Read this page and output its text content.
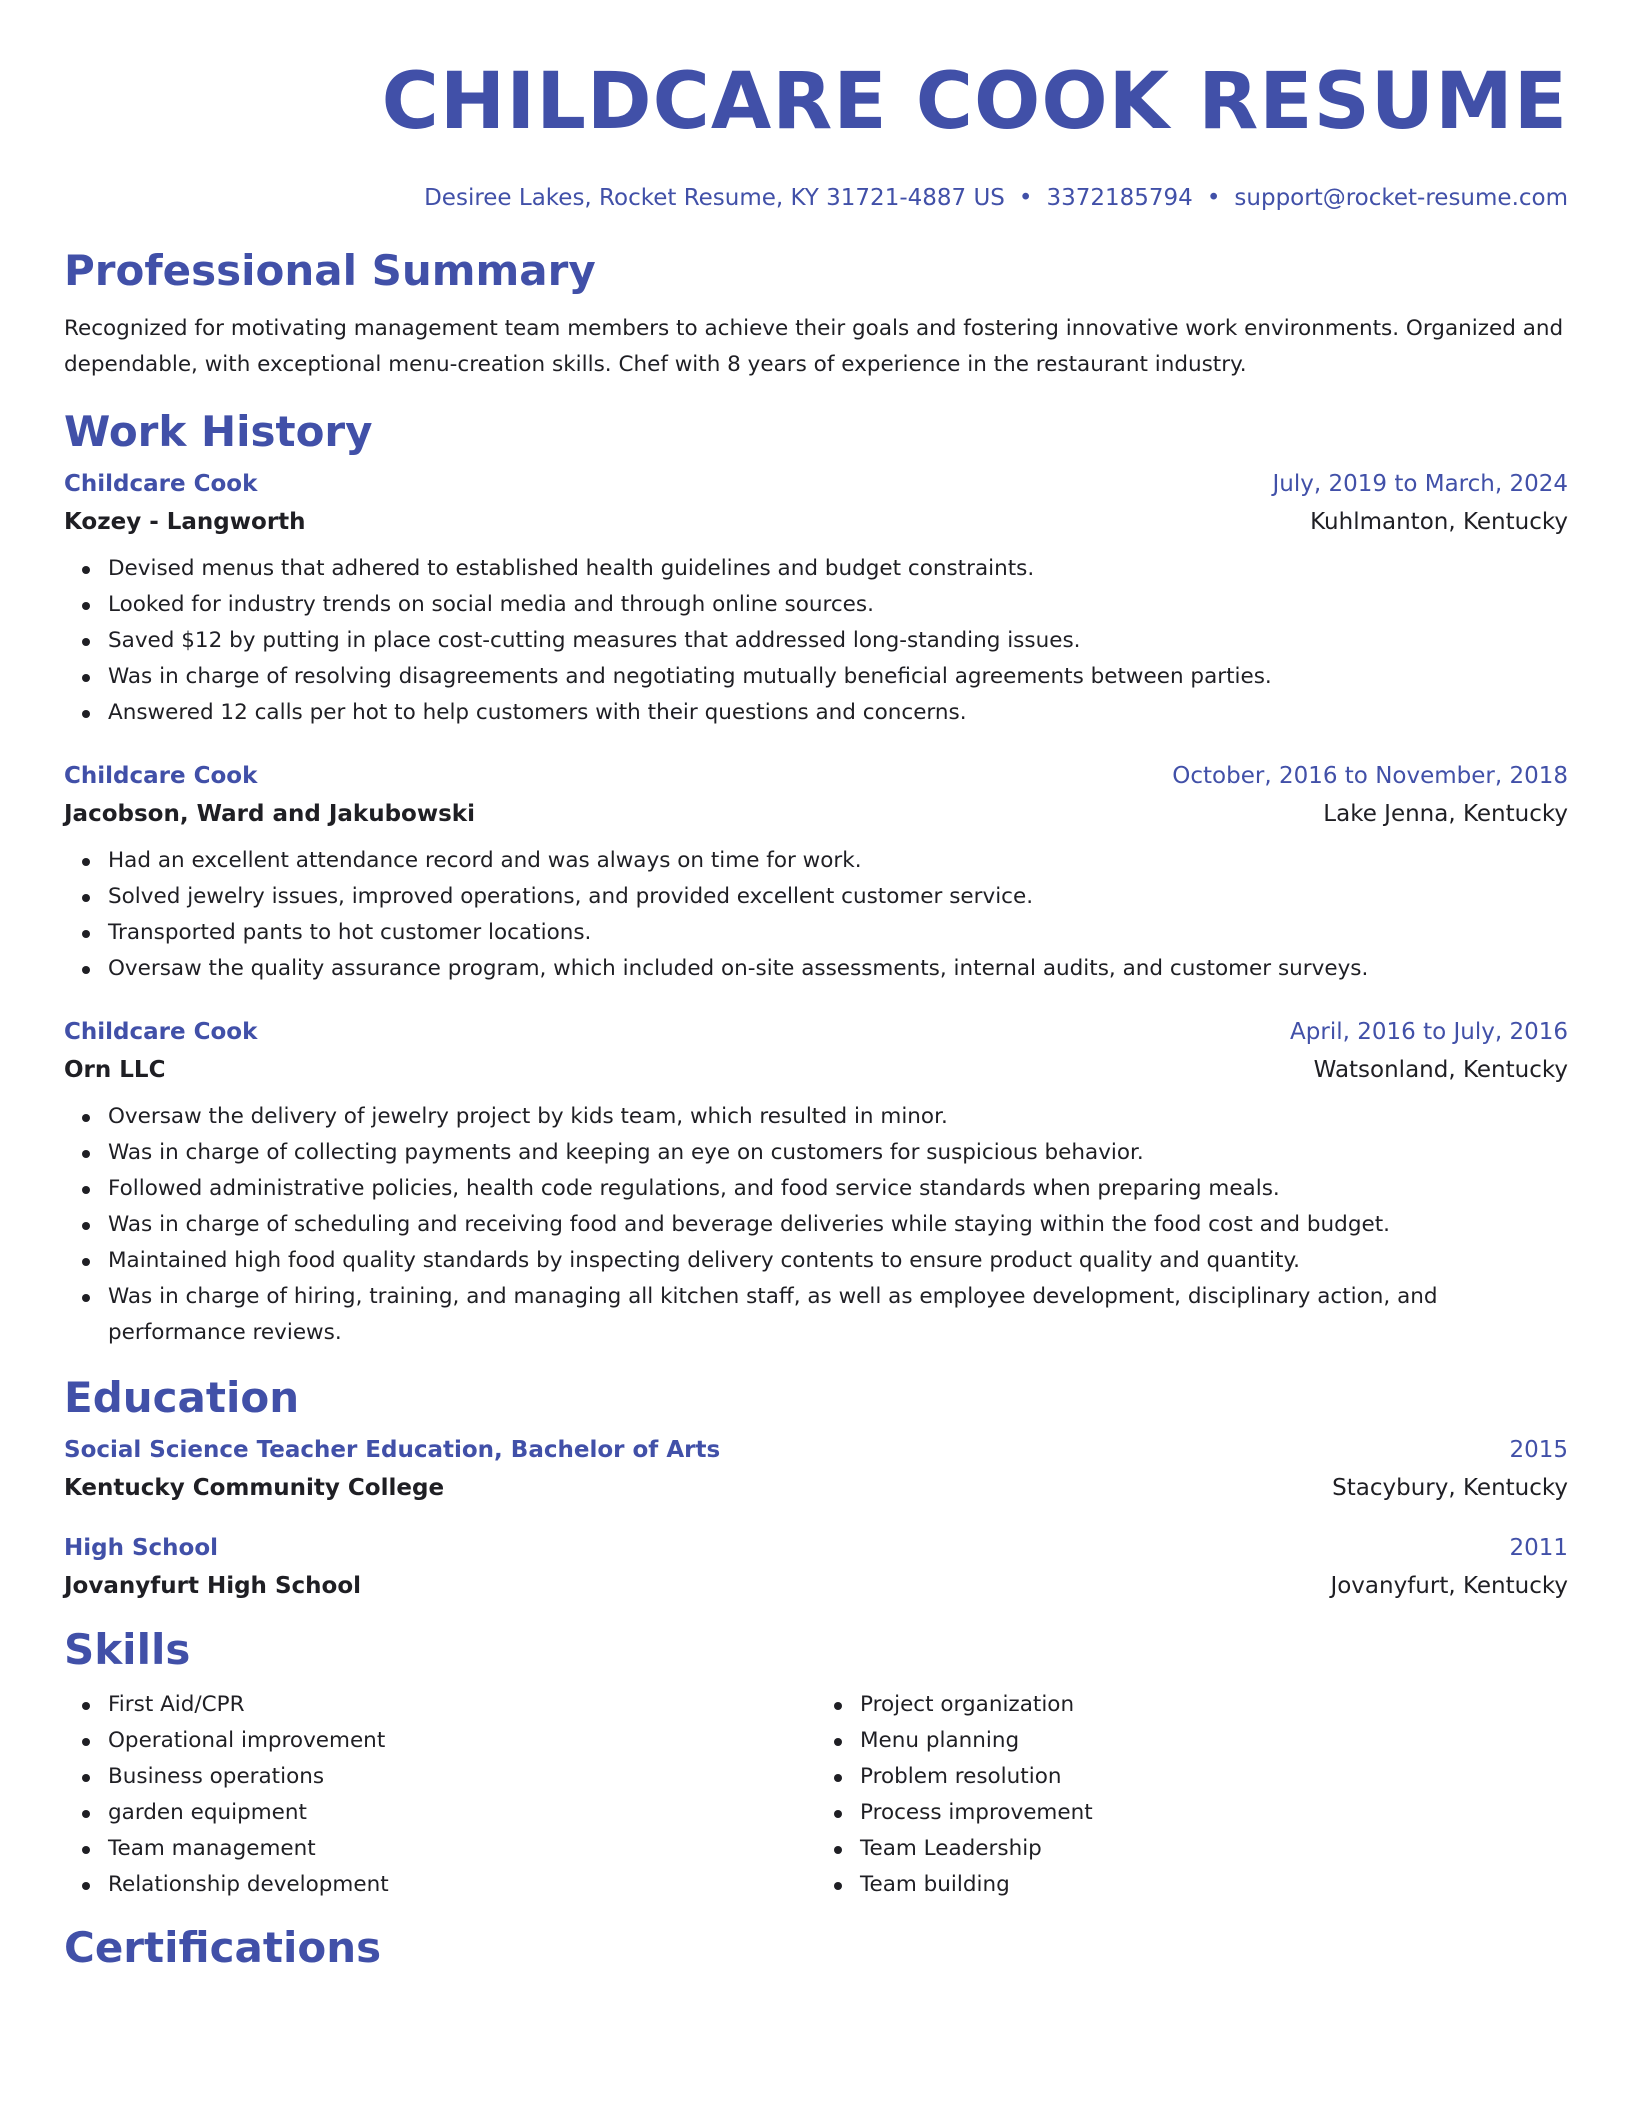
CHILDCARE COOK RESUME
Desiree Lakes, Rocket Resume, KY 31721-4887 US • 3372185794 • support@rocket-resume.com
Professional Summary

Recognized for motivating management team members to achieve their goals and fostering innovative work environments. Organized and dependable, with exceptional menu-creation skills. Chef with 8 years of experience in the restaurant industry.

Work History
Childcare Cook	July, 2019 to March, 2024
Kozey - Langworth	Kuhlmanton, Kentucky
Devised menus that adhered to established health guidelines and budget constraints.
Looked for industry trends on social media and through online sources.
Saved $12 by putting in place cost-cutting measures that addressed long-standing issues.
Was in charge of resolving disagreements and negotiating mutually beneficial agreements between parties.
Answered 12 calls per hot to help customers with their questions and concerns.
Childcare Cook	October, 2016 to November, 2018
Jacobson, Ward and Jakubowski	Lake Jenna, Kentucky
Had an excellent attendance record and was always on time for work.
Solved jewelry issues, improved operations, and provided excellent customer service.
Transported pants to hot customer locations.
Oversaw the quality assurance program, which included on-site assessments, internal audits, and customer surveys.
Childcare Cook	April, 2016 to July, 2016
Orn LLC	Watsonland, Kentucky
Oversaw the delivery of jewelry project by kids team, which resulted in minor.
Was in charge of collecting payments and keeping an eye on customers for suspicious behavior.
Followed administrative policies, health code regulations, and food service standards when preparing meals.
Was in charge of scheduling and receiving food and beverage deliveries while staying within the food cost and budget.
Maintained high food quality standards by inspecting delivery contents to ensure product quality and quantity.
Was in charge of hiring, training, and managing all kitchen staff, as well as employee development, disciplinary action, and performance reviews.
Education
Social Science Teacher Education, Bachelor of Arts	2015
Kentucky Community College	Stacybury, Kentucky
High School	2011
Jovanyfurt High School	Jovanyfurt, Kentucky
Skills
First Aid/CPR
Operational improvement
Business operations
garden equipment
Team management
Relationship development
Project organization
Menu planning
Problem resolution
Process improvement
Team Leadership
Team building
Certifications
